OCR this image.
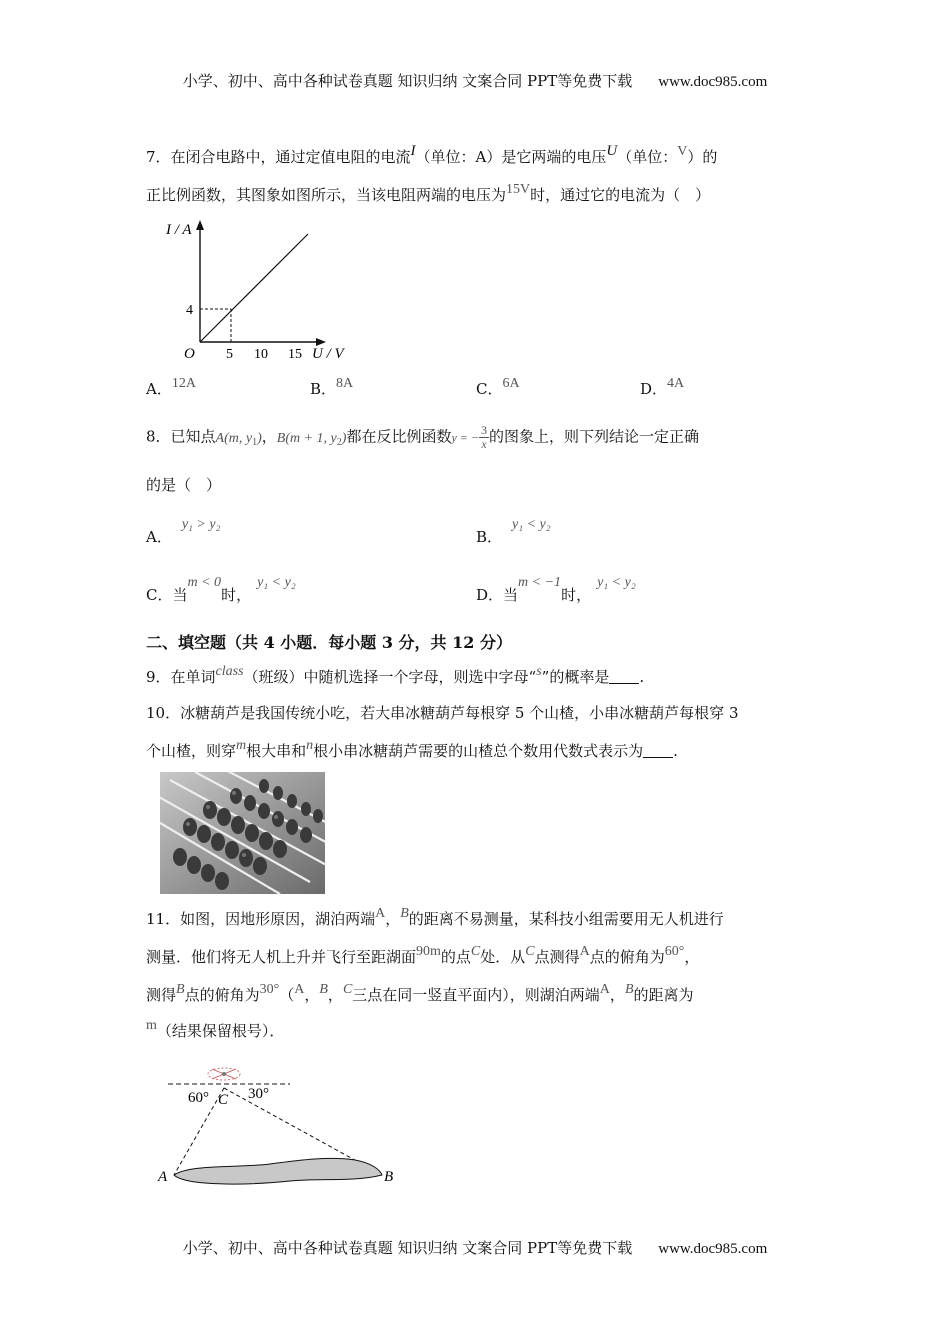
小学、初中、高中各种试卷真题 知识归纳 文案合同 PPT等免费下载 www.doc985.com
7．在闭合电路中，通过定值电阻的电流I（单位：A）是它两端的电压U（单位：V）的
正比例函数，其图象如图所示，当该电阻两端的电压为15V时，通过它的电流为（　）
I / A
U / V
O
4
5 10 15
A．12A	B．8A	C．6A	D．4A
8．已知点A(m, $y_1$)，B(m + 1, $y_2$)都在反比例函数y = − $\frac{3}{x}$ 的图象上，则下列结论一定正确
的是（　）
A．y₁ > y₂
B．y₁ < y₂
C．当m < 0时，y₁ < y₂
D．当m < −1时，y₁ < y₂
二、填空题（共 4 小题．每小题 3 分，共 12 分）
9．在单词class（班级）中随机选择一个字母，则选中字母“s”的概率是 .
10．冰糖葫芦是我国传统小吃，若大串冰糖葫芦每根穿 5 个山楂，小串冰糖葫芦每根穿 3
个山楂，则穿m根大串和n根小串冰糖葫芦需要的山楂总个数用代数式表示为 .
11．如图，因地形原因，湖泊两端A，B的距离不易测量，某科技小组需要用无人机进行
测量．他们将无人机上升并飞行至距湖面90m的点C处．从C点测得A点的俯角为60°，
测得B点的俯角为30°（A，B，C三点在同一竖直平面内），则湖泊两端A，B的距离为
m（结果保留根号）．
60° C 30°
A	B
小学、初中、高中各种试卷真题 知识归纳 文案合同 PPT等免费下载 www.doc985.com
